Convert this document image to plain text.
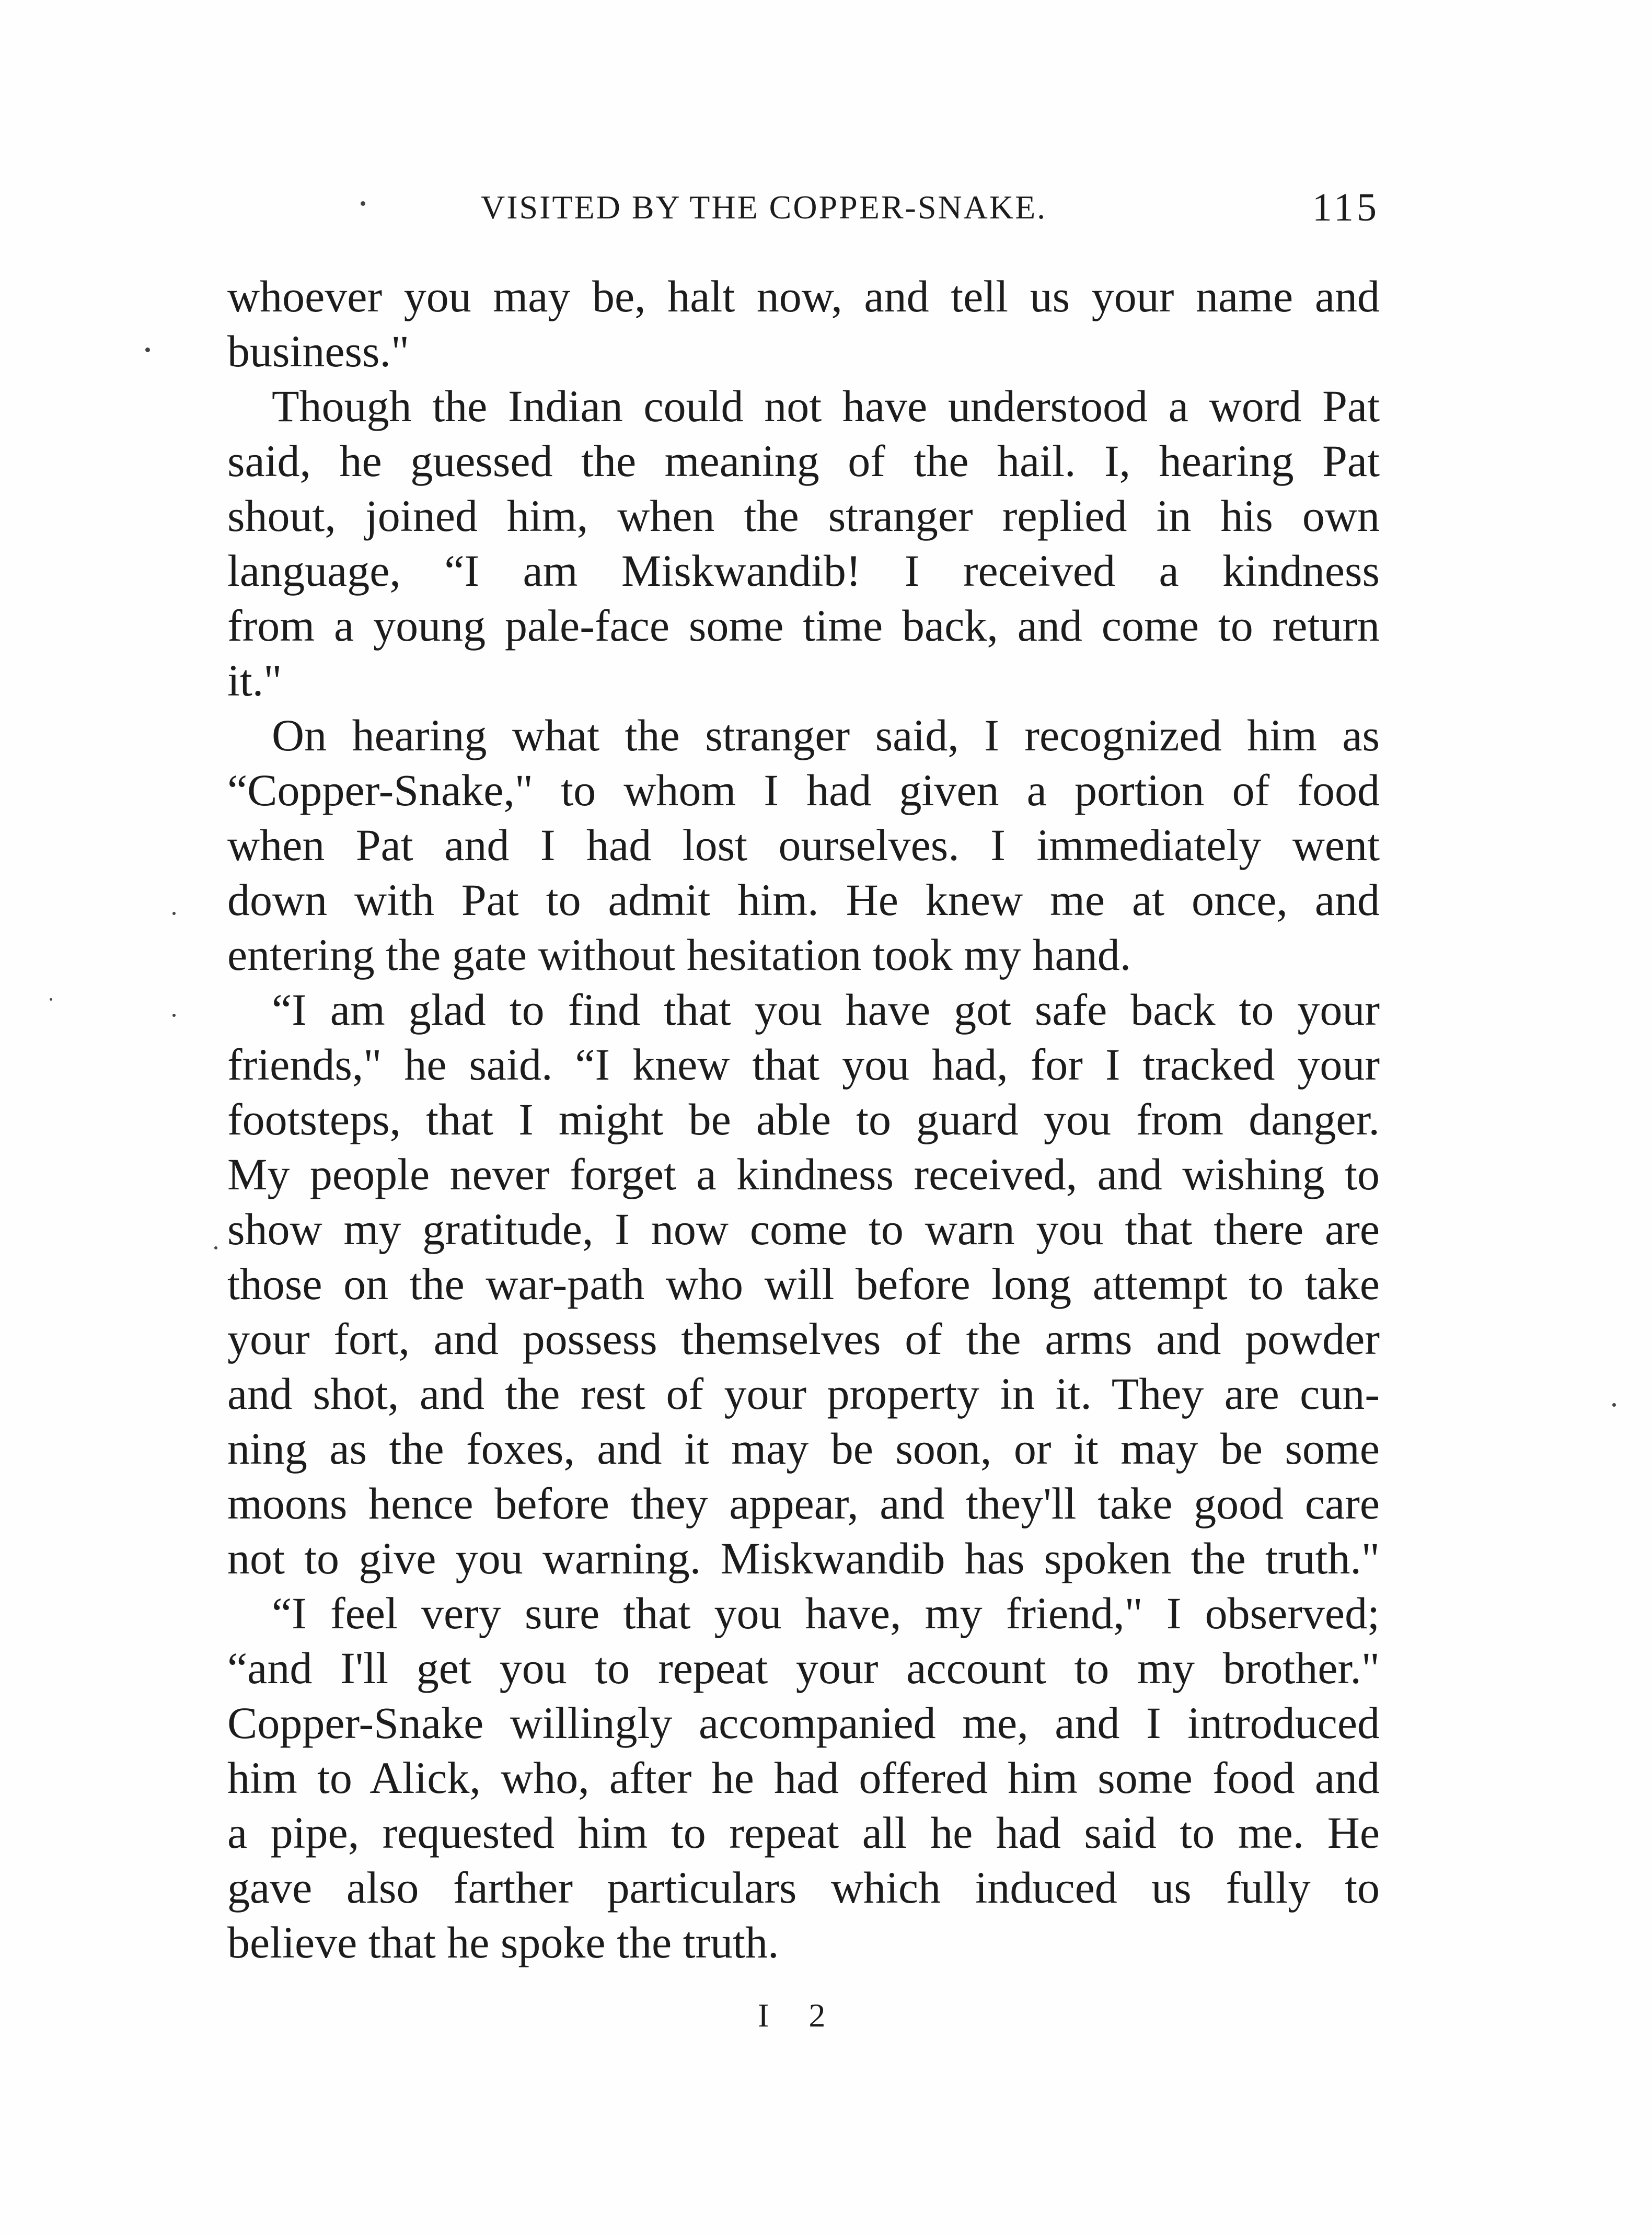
VISITED BY THE COPPER-SNAKE.	115
whoever you may be, halt now, and tell us your name and
business."
Though the Indian could not have understood a word Pat
said, he guessed the meaning of the hail. I, hearing Pat
shout, joined him, when the stranger replied in his own
language, “I am Miskwandib! I received a kindness
from a young pale-face some time back, and come to return
it."
On hearing what the stranger said, I recognized him as
“Copper-Snake," to whom I had given a portion of food
when Pat and I had lost ourselves. I immediately went
down with Pat to admit him. He knew me at once, and
entering the gate without hesitation took my hand.
“I am glad to find that you have got safe back to your
friends," he said. “I knew that you had, for I tracked your
footsteps, that I might be able to guard you from danger.
My people never forget a kindness received, and wishing to
show my gratitude, I now come to warn you that there are
those on the war-path who will before long attempt to take
your fort, and possess themselves of the arms and powder
and shot, and the rest of your property in it. They are cun-
ning as the foxes, and it may be soon, or it may be some
moons hence before they appear, and they'll take good care
not to give you warning. Miskwandib has spoken the truth."
“I feel very sure that you have, my friend," I observed;
“and I'll get you to repeat your account to my brother."
Copper-Snake willingly accompanied me, and I introduced
him to Alick, who, after he had offered him some food and
a pipe, requested him to repeat all he had said to me. He
gave also farther particulars which induced us fully to
believe that he spoke the truth.
I 2
